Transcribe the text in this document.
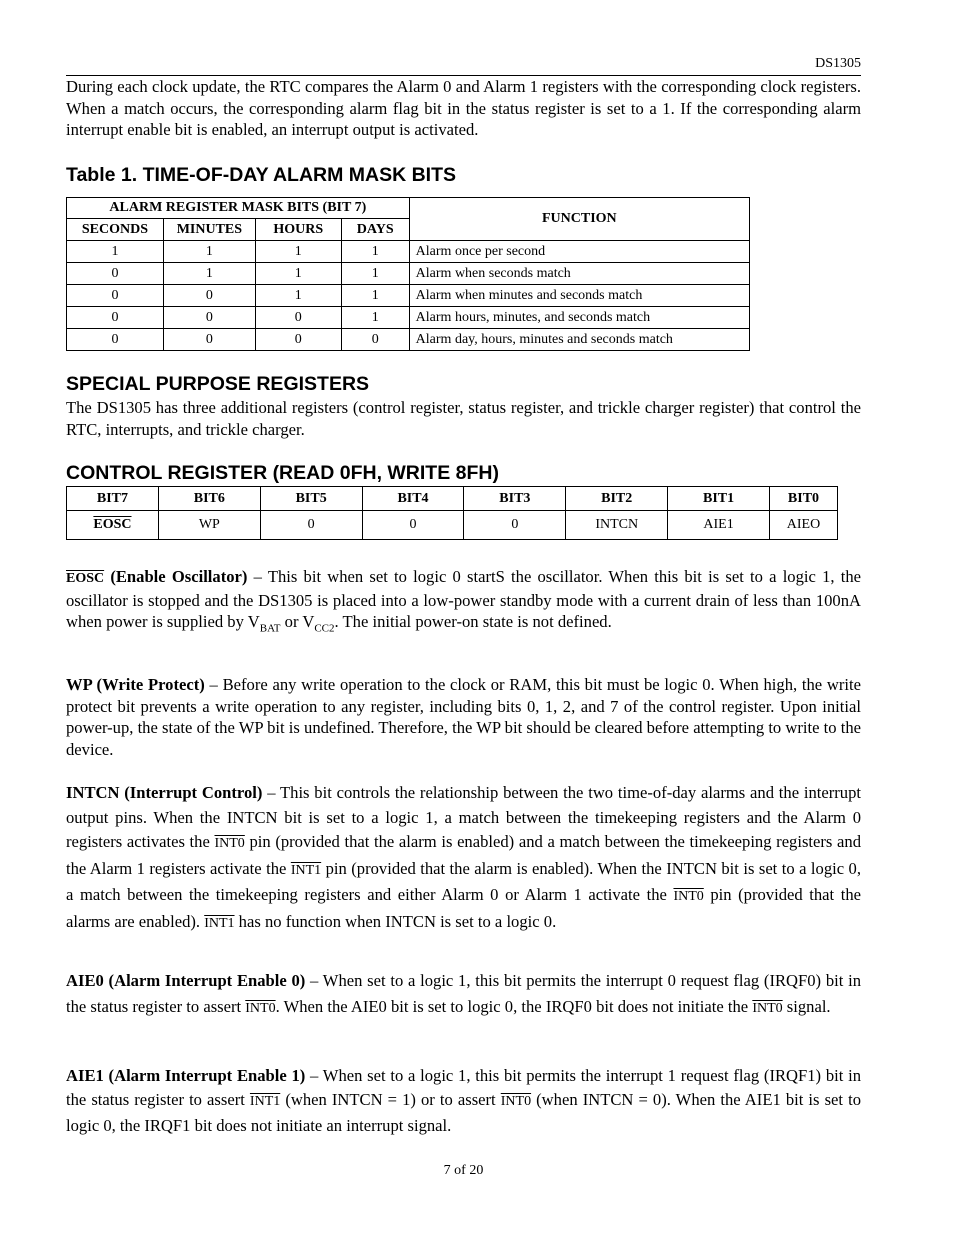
DS1305

During each clock update, the RTC compares the Alarm 0 and Alarm 1 registers with the corresponding clock registers. When a match occurs, the corresponding alarm flag bit in the status register is set to a 1. If the corresponding alarm interrupt enable bit is enabled, an interrupt output is activated.

Table 1. TIME-OF-DAY ALARM MASK BITS
ALARM REGISTER MASK BITS (BIT 7)				FUNCTION
SECONDS	MINUTES	HOURS	DAYS	
1	1	1	1	Alarm once per second
0	1	1	1	Alarm when seconds match
0	0	1	1	Alarm when minutes and seconds match
0	0	0	1	Alarm hours, minutes, and seconds match
0	0	0	0	Alarm day, hours, minutes and seconds match
SPECIAL PURPOSE REGISTERS

The DS1305 has three additional registers (control register, status register, and trickle charger register) that control the RTC, interrupts, and trickle charger.

CONTROL REGISTER (READ 0FH, WRITE 8FH)
BIT7	BIT6	BIT5	BIT4	BIT3	BIT2	BIT1	BIT0
EOSC	WP	0	0	0	INTCN	AIE1	AIEO

EOSC (Enable Oscillator) – This bit when set to logic 0 startS the oscillator. When this bit is set to a logic 1, the oscillator is stopped and the DS1305 is placed into a low-power standby mode with a current drain of less than 100nA when power is supplied by $V_{BAT}$ or $V_{CC2}$. The initial power-on state is not defined.

WP (Write Protect) – Before any write operation to the clock or RAM, this bit must be logic 0. When high, the write protect bit prevents a write operation to any register, including bits 0, 1, 2, and 7 of the control register. Upon initial power-up, the state of the WP bit is undefined. Therefore, the WP bit should be cleared before attempting to write to the device.

INTCN (Interrupt Control) – This bit controls the relationship between the two time-of-day alarms and the interrupt output pins. When the INTCN bit is set to a logic 1, a match between the timekeeping registers and the Alarm 0 registers activates the INT0 pin (provided that the alarm is enabled) and a match between the timekeeping registers and the Alarm 1 registers activate the INT1 pin (provided that the alarm is enabled). When the INTCN bit is set to a logic 0, a match between the timekeeping registers and either Alarm 0 or Alarm 1 activate the INT0 pin (provided that the alarms are enabled). INT1 has no function when INTCN is set to a logic 0.

AIE0 (Alarm Interrupt Enable 0) – When set to a logic 1, this bit permits the interrupt 0 request flag (IRQF0) bit in the status register to assert INT0. When the AIE0 bit is set to logic 0, the IRQF0 bit does not initiate the INT0 signal.

AIE1 (Alarm Interrupt Enable 1) – When set to a logic 1, this bit permits the interrupt 1 request flag (IRQF1) bit in the status register to assert INT1 (when INTCN = 1) or to assert INT0 (when INTCN = 0). When the AIE1 bit is set to logic 0, the IRQF1 bit does not initiate an interrupt signal.

7 of 20
